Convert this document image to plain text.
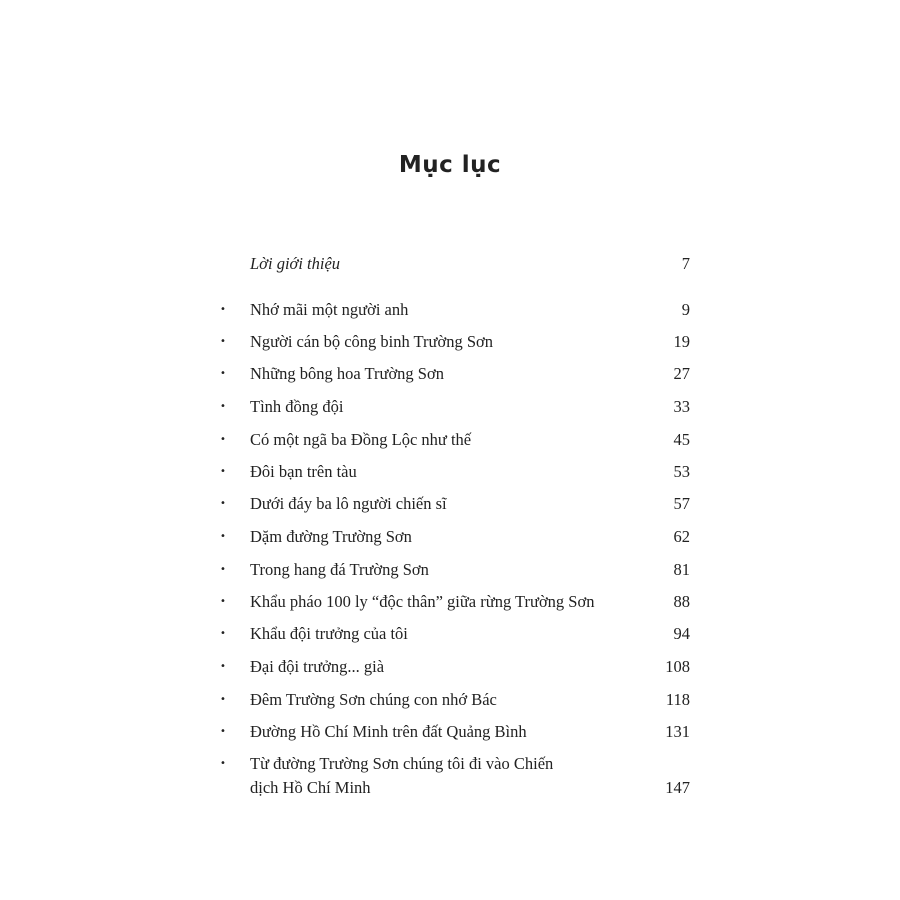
Mục lục
Lời giới thiệu	7
• Nhớ mãi một người anh	9
• Người cán bộ công binh Trường Sơn	19
• Những bông hoa Trường Sơn	27
• Tình đồng đội	33
• Có một ngã ba Đồng Lộc như thế	45
• Đôi bạn trên tàu	53
• Dưới đáy ba lô người chiến sĩ	57
• Dặm đường Trường Sơn	62
• Trong hang đá Trường Sơn	81
• Khẩu pháo 100 ly “độc thân” giữa rừng Trường Sơn	88
• Khẩu đội trưởng của tôi	94
• Đại đội trưởng... già	108
• Đêm Trường Sơn chúng con nhớ Bác	118
• Đường Hồ Chí Minh trên đất Quảng Bình	131
• Từ đường Trường Sơn chúng tôi đi vào Chiến dịch Hồ Chí Minh	147
